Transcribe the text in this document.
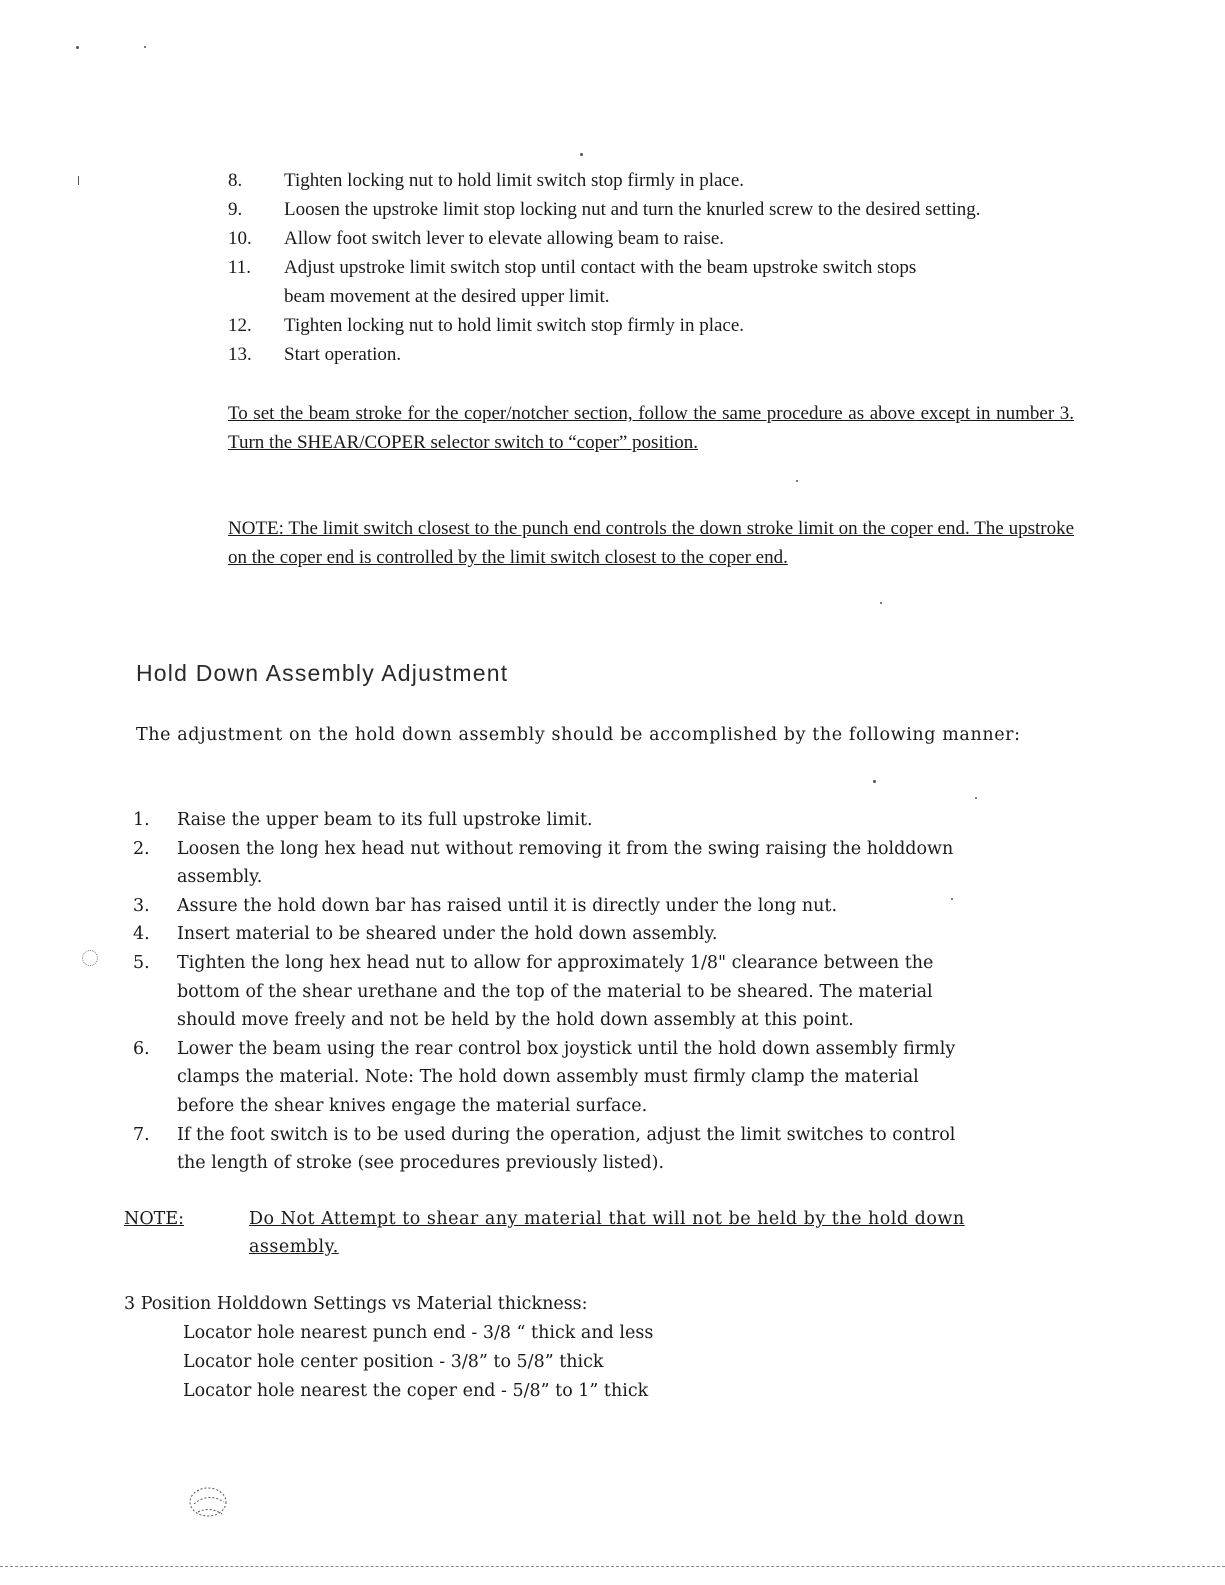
8.	Tighten locking nut to hold limit switch stop firmly in place.
9.	Loosen the upstroke limit stop locking nut and turn the knurled screw to the desired setting.
10.	Allow foot switch lever to elevate allowing beam to raise.
11.	Adjust upstroke limit switch stop until contact with the beam upstroke switch stops
beam movement at the desired upper limit.
12.	Tighten locking nut to hold limit switch stop firmly in place.
13.	Start operation.
To set the beam stroke for the coper/notcher section, follow the same procedure as above except in number 3. Turn the SHEAR/COPER selector switch to “coper” position.
NOTE: The limit switch closest to the punch end controls the down stroke limit on the coper end. The upstroke on the coper end is controlled by the limit switch closest to the coper end.
Hold Down Assembly Adjustment
The adjustment on the hold down assembly should be accomplished by the following manner:
1.	Raise the upper beam to its full upstroke limit.
2.	Loosen the long hex head nut without removing it from the swing raising the holddown
assembly.
3.	Assure the hold down bar has raised until it is directly under the long nut.
4.	Insert material to be sheared under the hold down assembly.
5.	Tighten the long hex head nut to allow for approximately 1/8" clearance between the
bottom of the shear urethane and the top of the material to be sheared. The material
should move freely and not be held by the hold down assembly at this point.
6.	Lower the beam using the rear control box joystick until the hold down assembly firmly
clamps the material. Note: The hold down assembly must firmly clamp the material
before the shear knives engage the material surface.
7.	If the foot switch is to be used during the operation, adjust the limit switches to control
the length of stroke (see procedures previously listed).
NOTE:	Do Not Attempt to shear any material that will not be held by the hold down
assembly.
3 Position Holddown Settings vs Material thickness:
Locator hole nearest punch end - 3/8 “ thick and less
Locator hole center position - 3/8” to 5/8” thick
Locator hole nearest the coper end - 5/8” to 1” thick
